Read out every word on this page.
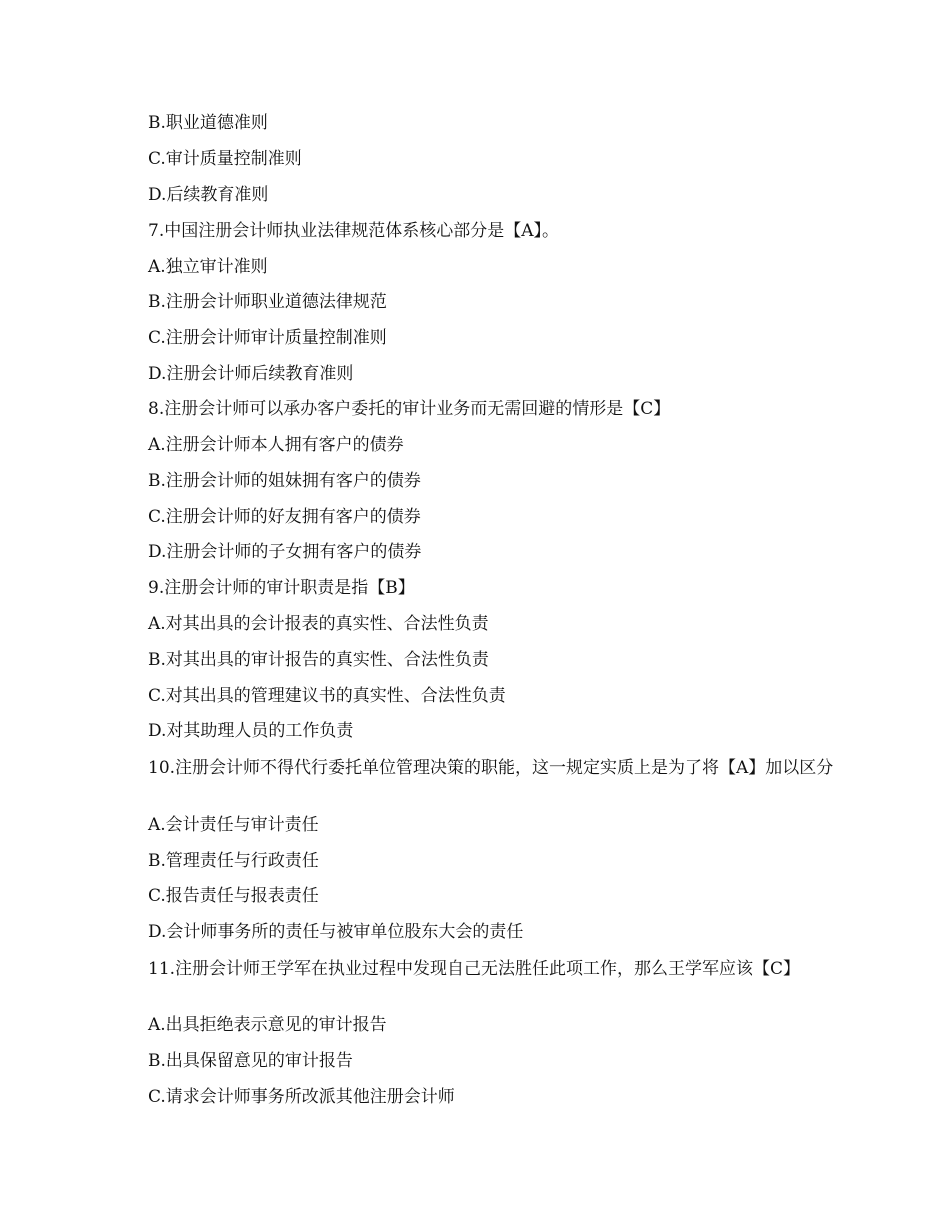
B.职业道德准则
C.审计质量控制准则
D.后续教育准则
7.中国注册会计师执业法律规范体系核心部分是【A】。
A.独立审计准则
B.注册会计师职业道德法律规范
C.注册会计师审计质量控制准则
D.注册会计师后续教育准则
8.注册会计师可以承办客户委托的审计业务而无需回避的情形是【C】
A.注册会计师本人拥有客户的债券
B.注册会计师的姐妹拥有客户的债券
C.注册会计师的好友拥有客户的债券
D.注册会计师的子女拥有客户的债券
9.注册会计师的审计职责是指【B】
A.对其出具的会计报表的真实性、合法性负责
B.对其出具的审计报告的真实性、合法性负责
C.对其出具的管理建议书的真实性、合法性负责
D.对其助理人员的工作负责
10.注册会计师不得代行委托单位管理决策的职能，这一规定实质上是为了将【A】加以区分
A.会计责任与审计责任
B.管理责任与行政责任
C.报告责任与报表责任
D.会计师事务所的责任与被审单位股东大会的责任
11.注册会计师王学军在执业过程中发现自己无法胜任此项工作，那么王学军应该【C】
A.出具拒绝表示意见的审计报告
B.出具保留意见的审计报告
C.请求会计师事务所改派其他注册会计师
